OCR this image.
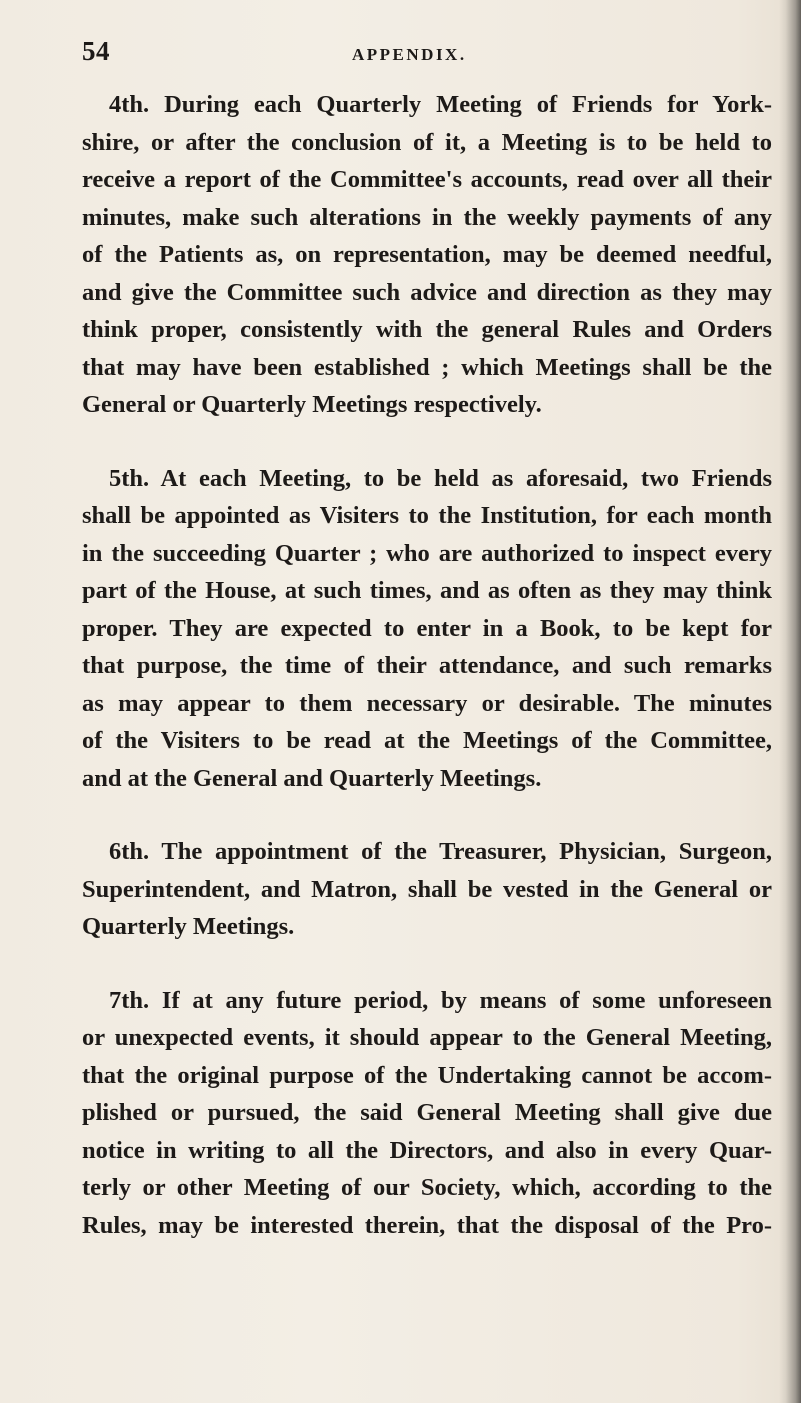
54	APPENDIX.
4th. During each Quarterly Meeting of Friends for York-
shire, or after the conclusion of it, a Meeting is to be held to
receive a report of the Committee's accounts, read over all their
minutes, make such alterations in the weekly payments of any
of the Patients as, on representation, may be deemed needful,
and give the Committee such advice and direction as they may
think proper, consistently with the general Rules and Orders
that may have been established ; which Meetings shall be the
General or Quarterly Meetings respectively.
5th. At each Meeting, to be held as aforesaid, two Friends
shall be appointed as Visiters to the Institution, for each month
in the succeeding Quarter ; who are authorized to inspect every
part of the House, at such times, and as often as they may think
proper. They are expected to enter in a Book, to be kept for
that purpose, the time of their attendance, and such remarks
as may appear to them necessary or desirable. The minutes
of the Visiters to be read at the Meetings of the Committee,
and at the General and Quarterly Meetings.
6th. The appointment of the Treasurer, Physician, Surgeon,
Superintendent, and Matron, shall be vested in the General or
Quarterly Meetings.
7th. If at any future period, by means of some unforeseen
or unexpected events, it should appear to the General Meeting,
that the original purpose of the Undertaking cannot be accom-
plished or pursued, the said General Meeting shall give due
notice in writing to all the Directors, and also in every Quar-
terly or other Meeting of our Society, which, according to the
Rules, may be interested therein, that the disposal of the Pro-
